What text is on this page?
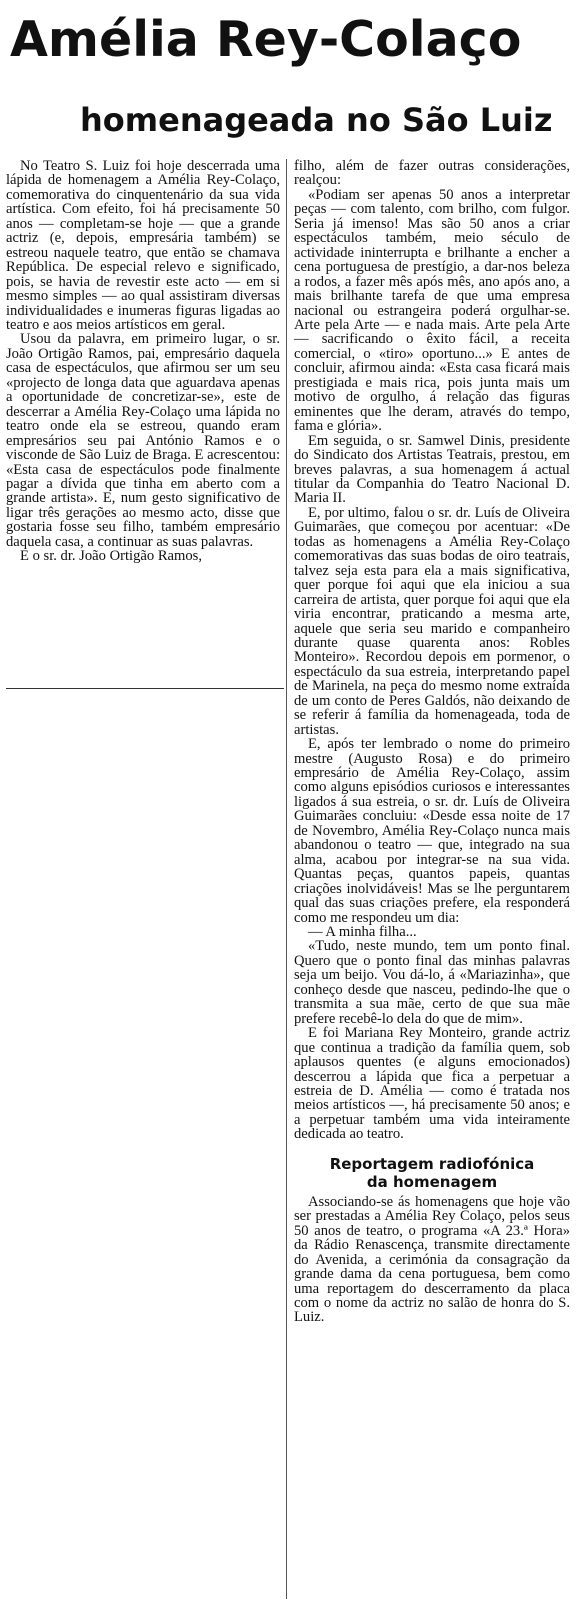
Amélia Rey-Colaço
homenageada no São Luiz

No Teatro S. Luiz foi hoje descerrada uma lápida de homenagem a Amélia Rey-Colaço, comemorativa do cinquentenário da sua vida artística. Com efeito, foi há precisamente 50 anos — completam-se hoje — que a grande actriz (e, depois, empresária também) se estreou naquele teatro, que então se chamava República. De especial relevo e significado, pois, se havia de revestir este acto — em si mesmo simples — ao qual assistiram diversas individualidades e inumeras figuras ligadas ao teatro e aos meios artísticos em geral.

Usou da palavra, em primeiro lugar, o sr. João Ortigão Ramos, pai, empresário daquela casa de espectáculos, que afirmou ser um seu «projecto de longa data que aguardava apenas a oportunidade de concretizar-se», este de descerrar a Amélia Rey-Colaço uma lápida no teatro onde ela se estreou, quando eram empresários seu pai António Ramos e o visconde de São Luiz de Braga. E acrescentou: «Esta casa de espectáculos pode finalmente pagar a dívida que tinha em aberto com a grande artista». E, num gesto significativo de ligar três gerações ao mesmo acto, disse que gostaria fosse seu filho, também empresário daquela casa, a continuar as suas palavras.

E o sr. dr. João Ortigão Ramos,

filho, além de fazer outras considerações, realçou:

«Podiam ser apenas 50 anos a interpretar peças — com talento, com brilho, com fulgor. Seria já imenso! Mas são 50 anos a criar espectáculos também, meio século de actividade ininterrupta e brilhante a encher a cena portuguesa de prestígio, a dar-nos beleza a rodos, a fazer mês após mês, ano após ano, a mais brilhante tarefa de que uma empresa nacional ou estrangeira poderá orgulhar-se. Arte pela Arte — e nada mais. Arte pela Arte — sacrificando o êxito fácil, a receita comercial, o «tiro» oportuno...» E antes de concluir, afirmou ainda: «Esta casa ficará mais prestigiada e mais rica, pois junta mais um motivo de orgulho, á relação das figuras eminentes que lhe deram, através do tempo, fama e glória».

Em seguida, o sr. Samwel Dinis, presidente do Sindicato dos Artistas Teatrais, prestou, em breves palavras, a sua homenagem á actual titular da Companhia do Teatro Nacional D. Maria II.

E, por ultimo, falou o sr. dr. Luís de Oliveira Guimarães, que começou por acentuar: «De todas as homenagens a Amélia Rey-Colaço comemorativas das suas bodas de oiro teatrais, talvez seja esta para ela a mais significativa, quer porque foi aqui que ela iniciou a sua carreira de artista, quer porque foi aqui que ela viria encontrar, praticando a mesma arte, aquele que seria seu marido e companheiro durante quase quarenta anos: Robles Monteiro». Recordou depois em pormenor, o espectáculo da sua estreia, interpretando papel de Marinela, na peça do mesmo nome extraída de um conto de Peres Galdós, não deixando de se referir á família da homenageada, toda de artistas.

E, após ter lembrado o nome do primeiro mestre (Augusto Rosa) e do primeiro empresário de Amélia Rey-Colaço, assim como alguns episódios curiosos e interessantes ligados á sua estreia, o sr. dr. Luís de Oliveira Guimarães concluiu: «Desde essa noite de 17 de Novembro, Amélia Rey-Colaço nunca mais abandonou o teatro — que, integrado na sua alma, acabou por integrar-se na sua vida. Quantas peças, quantos papeis, quantas criações inolvidáveis! Mas se lhe perguntarem qual das suas criações prefere, ela responderá como me respondeu um dia:

— A minha filha...

«Tudo, neste mundo, tem um ponto final. Quero que o ponto final das minhas palavras seja um beijo. Vou dá-lo, á «Mariazinha», que conheço desde que nasceu, pedindo-lhe que o transmita a sua mãe, certo de que sua mãe prefere recebê-lo dela do que de mim».

E foi Mariana Rey Monteiro, grande actriz que continua a tradição da família quem, sob aplausos quentes (e alguns emocionados) descerrou a lápida que fica a perpetuar a estreia de D. Amélia — como é tratada nos meios artísticos —, há precisamente 50 anos; e a perpetuar também uma vida inteiramente dedicada ao teatro.

Reportagem radiofónica
da homenagem

Associando-se ás homenagens que hoje vão ser prestadas a Amélia Rey Colaço, pelos seus 50 anos de teatro, o programa «A 23.ª Hora» da Rádio Renascença, transmite directamente do Avenida, a cerimónia da consagração da grande dama da cena portuguesa, bem como uma reportagem do descerramento da placa com o nome da actriz no salão de honra do S. Luiz.
